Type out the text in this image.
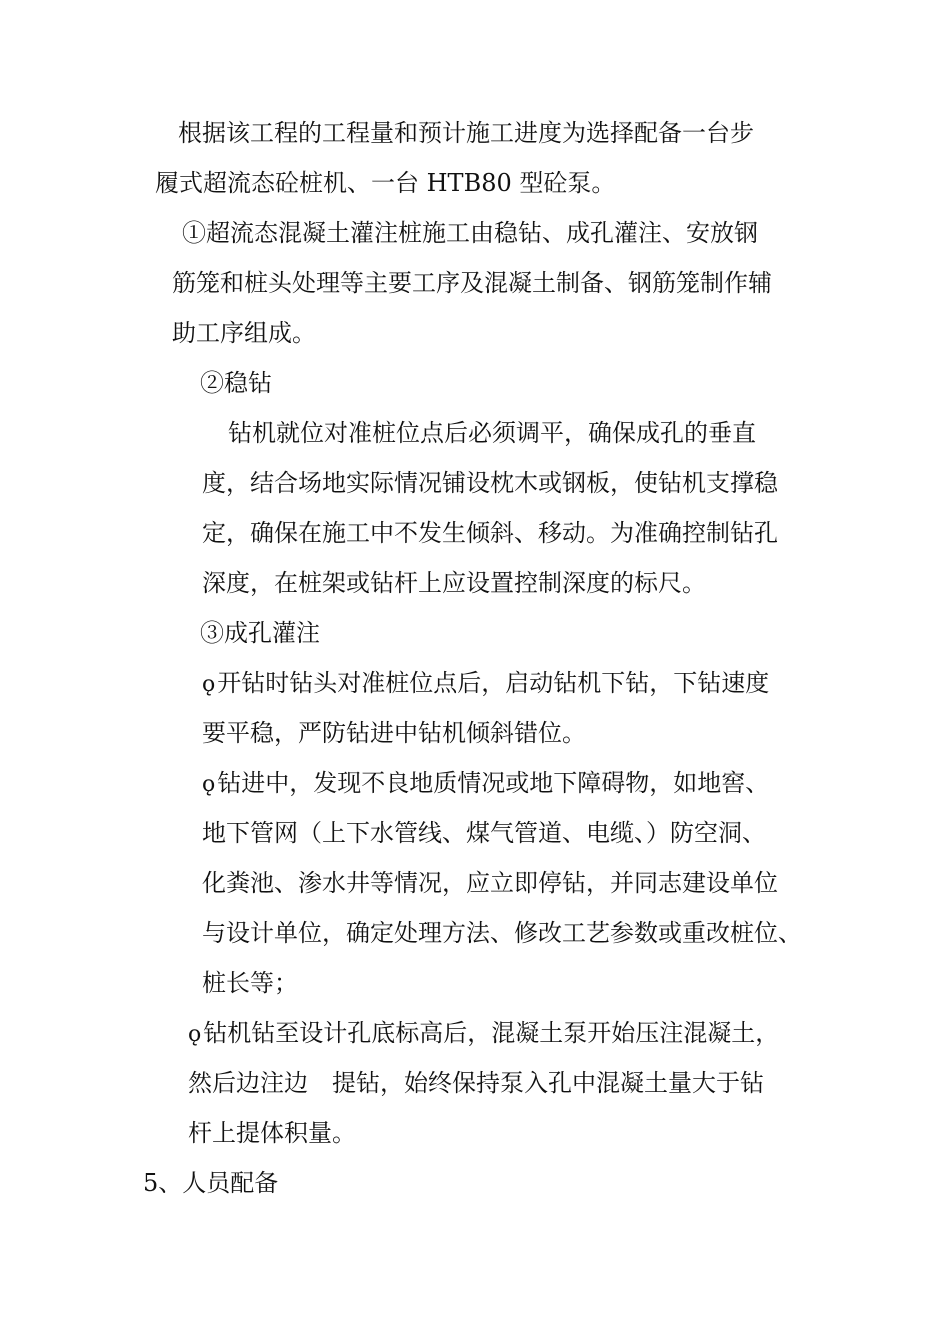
根据该工程的工程量和预计施工进度为选择配备一台步
履式超流态砼桩机、一台 HTB80 型砼泵。
①超流态混凝土灌注桩施工由稳钻、成孔灌注、安放钢
筋笼和桩头处理等主要工序及混凝土制备、钢筋笼制作辅
助工序组成。
②稳钻
钻机就位对准桩位点后必须调平，确保成孔的垂直
度，结合场地实际情况铺设枕木或钢板，使钻机支撑稳
定，确保在施工中不发生倾斜、移动。为准确控制钻孔
深度，在桩架或钻杆上应设置控制深度的标尺。
③成孔灌注
ǫ开钻时钻头对准桩位点后，启动钻机下钻，下钻速度
要平稳，严防钻进中钻机倾斜错位。
ǫ钻进中，发现不良地质情况或地下障碍物，如地窖、
地下管网（上下水管线、煤气管道、电缆、）防空洞、
化粪池、渗水井等情况，应立即停钻，并同志建设单位
与设计单位，确定处理方法、修改工艺参数或重改桩位、
桩长等；
ǫ钻机钻至设计孔底标高后，混凝土泵开始压注混凝土，
然后边注边　提钻，始终保持泵入孔中混凝土量大于钻
杆上提体积量。
5、人员配备
